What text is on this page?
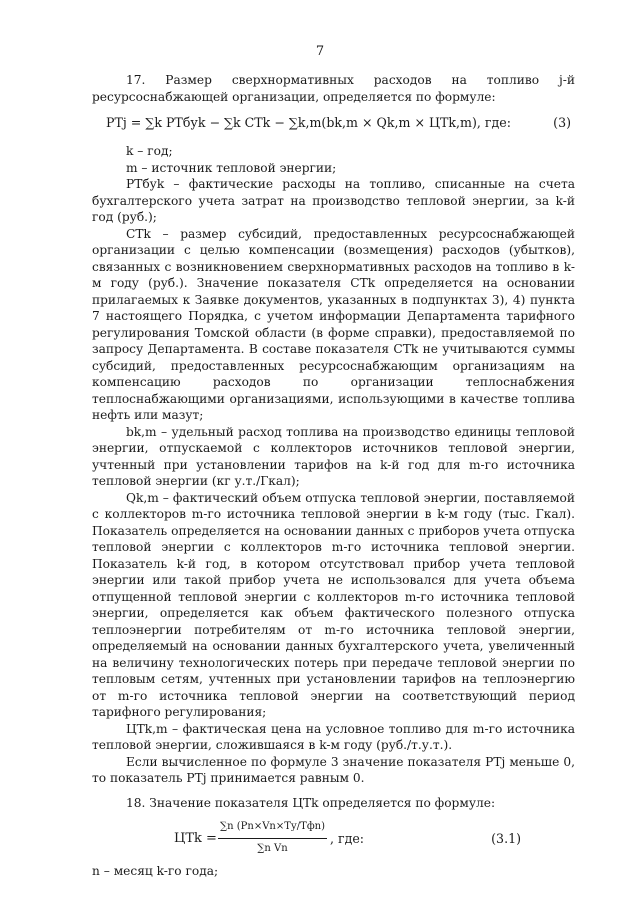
7

17. Размер сверхнормативных расходов на топливо j-й ресурсоснабжающей организации, определяется по формуле:

РТj = ∑k РТбуk − ∑k СТk − ∑k,m(bk,m × Qk,m × ЦТk,m), где:	(3)

k – год;

m – источник тепловой энергии;

РТбуk – фактические расходы на топливо, списанные на счета бухгалтерского учета затрат на производство тепловой энергии, за k-й год (руб.);

СТk – размер субсидий, предоставленных ресурсоснабжающей организации с целью компенсации (возмещения) расходов (убытков), связанных с возникновением сверхнормативных расходов на топливо в k-м году (руб.). Значение показателя СТk определяется на основании прилагаемых к Заявке документов, указанных в подпунктах 3), 4) пункта 7 настоящего Порядка, с учетом информации Департамента тарифного регулирования Томской области (в форме справки), предоставляемой по запросу Департамента. В составе показателя СТk не учитываются суммы субсидий, предоставленных ресурсоснабжающим организациям на компенсацию расходов по организации теплоснабжения теплоснабжающими организациями, использующими в качестве топлива нефть или мазут;

bk,m – удельный расход топлива на производство единицы тепловой энергии, отпускаемой с коллекторов источников тепловой энергии, учтенный при установлении тарифов на k-й год для m-го источника тепловой энергии (кг у.т./Гкал);

Qk,m – фактический объем отпуска тепловой энергии, поставляемой с коллекторов m-го источника тепловой энергии в k-м году (тыс. Гкал). Показатель определяется на основании данных с приборов учета отпуска тепловой энергии с коллекторов m-го источника тепловой энергии. Показатель k-й год, в котором отсутствовал прибор учета тепловой энергии или такой прибор учета не использовался для учета объема отпущенной тепловой энергии с коллекторов m-го источника тепловой энергии, определяется как объем фактического полезного отпуска теплоэнергии потребителям от m-го источника тепловой энергии, определяемый на основании данных бухгалтерского учета, увеличенный на величину технологических потерь при передаче тепловой энергии по тепловым сетям, учтенных при установлении тарифов на теплоэнергию от m-го источника тепловой энергии на соответствующий период тарифного регулирования;

ЦТk,m – фактическая цена на условное топливо для m-го источника тепловой энергии, сложившаяся в k-м году (руб./т.у.т.).

Если вычисленное по формуле 3 значение показателя РТj меньше 0, то показатель РТj принимается равным 0.

18. Значение показателя ЦТk определяется по формуле:

ЦТk =
∑n (Pn×Vn×Ту/Тфn)
∑n Vn
, где:	(3.1)

n – месяц k-го года;
